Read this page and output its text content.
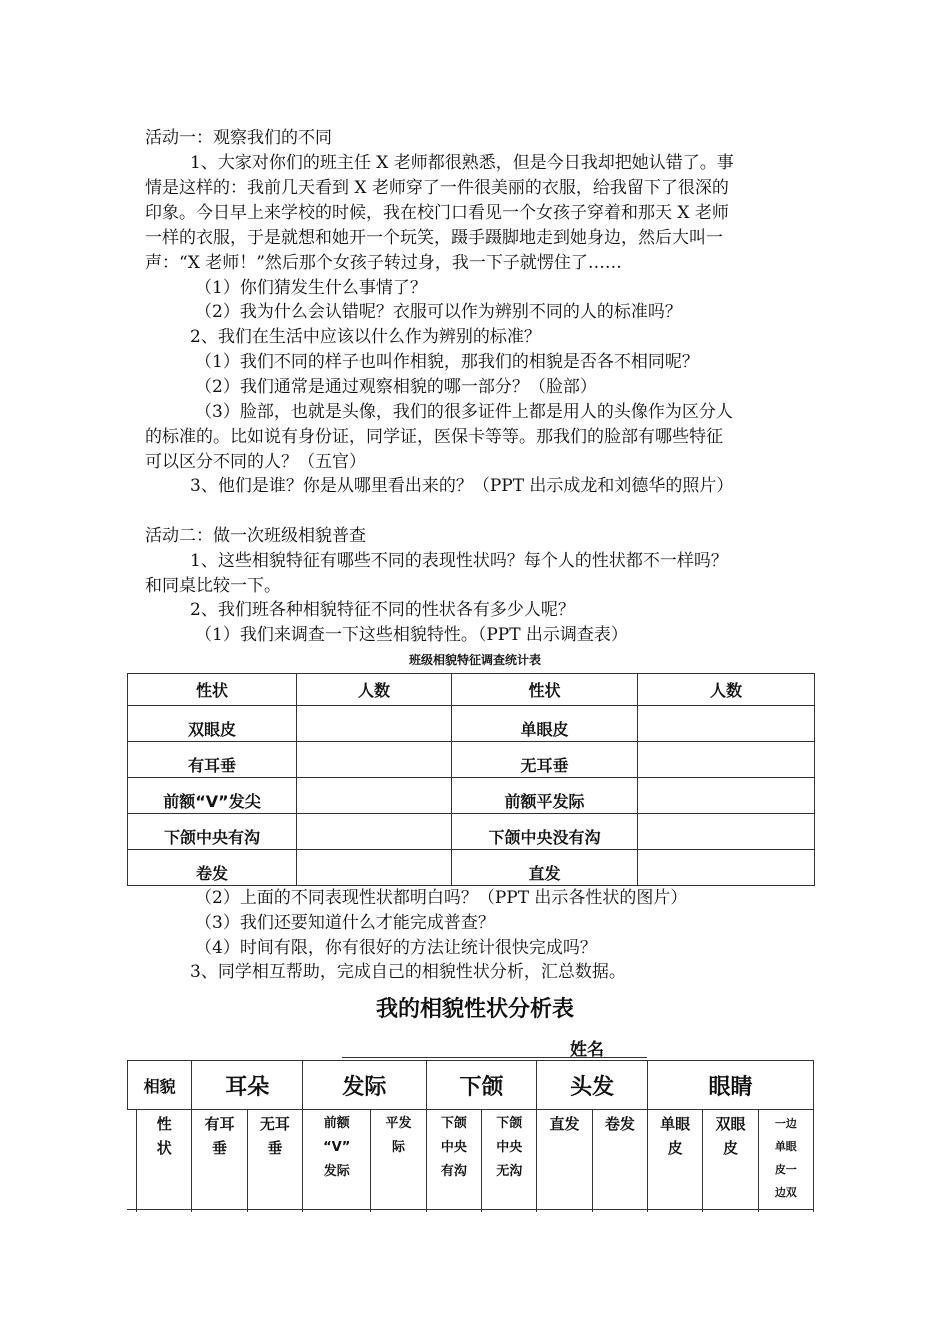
活动一：观察我们的不同

1、大家对你们的班主任 X 老师都很熟悉，但是今日我却把她认错了。事

情是这样的：我前几天看到 X 老师穿了一件很美丽的衣服，给我留下了很深的

印象。今日早上来学校的时候，我在校门口看见一个女孩子穿着和那天 X 老师

一样的衣服，于是就想和她开一个玩笑，蹑手蹑脚地走到她身边，然后大叫一

声：“X 老师！”然后那个女孩子转过身，我一下子就愣住了……

（1）你们猜发生什么事情了？

（2）我为什么会认错呢？衣服可以作为辨别不同的人的标准吗？

2、我们在生活中应该以什么作为辨别的标准？

（1）我们不同的样子也叫作相貌，那我们的相貌是否各不相同呢？

（2）我们通常是通过观察相貌的哪一部分？（脸部）

（3）脸部，也就是头像，我们的很多证件上都是用人的头像作为区分人

的标准的。比如说有身份证，同学证，医保卡等等。那我们的脸部有哪些特征

可以区分不同的人？（五官）

3、他们是谁？你是从哪里看出来的？（PPT 出示成龙和刘德华的照片）

活动二：做一次班级相貌普查

1、这些相貌特征有哪些不同的表现性状吗？每个人的性状都不一样吗？

和同桌比较一下。

2、我们班各种相貌特征不同的性状各有多少人呢？

（1）我们来调查一下这些相貌特性。（PPT 出示调查表）

班级相貌特征调查统计表
性状	人数	性状	人数
双眼皮		单眼皮	
有耳垂		无耳垂	
前额“V”发尖		前额平发际	
下颌中央有沟		下颌中央没有沟	
卷发		直发	

（2）上面的不同表现性状都明白吗？（PPT 出示各性状的图片）

（3）我们还要知道什么才能完成普查？

（4）时间有限，你有很好的方法让统计很快完成吗？

3、同学相互帮助，完成自己的相貌性状分析，汇总数据。

我的相貌性状分析表
姓名
相貌		耳朵		发际		下颌		头发		眼睛		
	性
状	有耳
垂	无耳
垂	前额
“V”
发际	平发
际	下颌
中央
有沟	下颌
中央
无沟	直发	卷发	单眼
皮	双眼
皮	一边
单眼
皮一
边双
